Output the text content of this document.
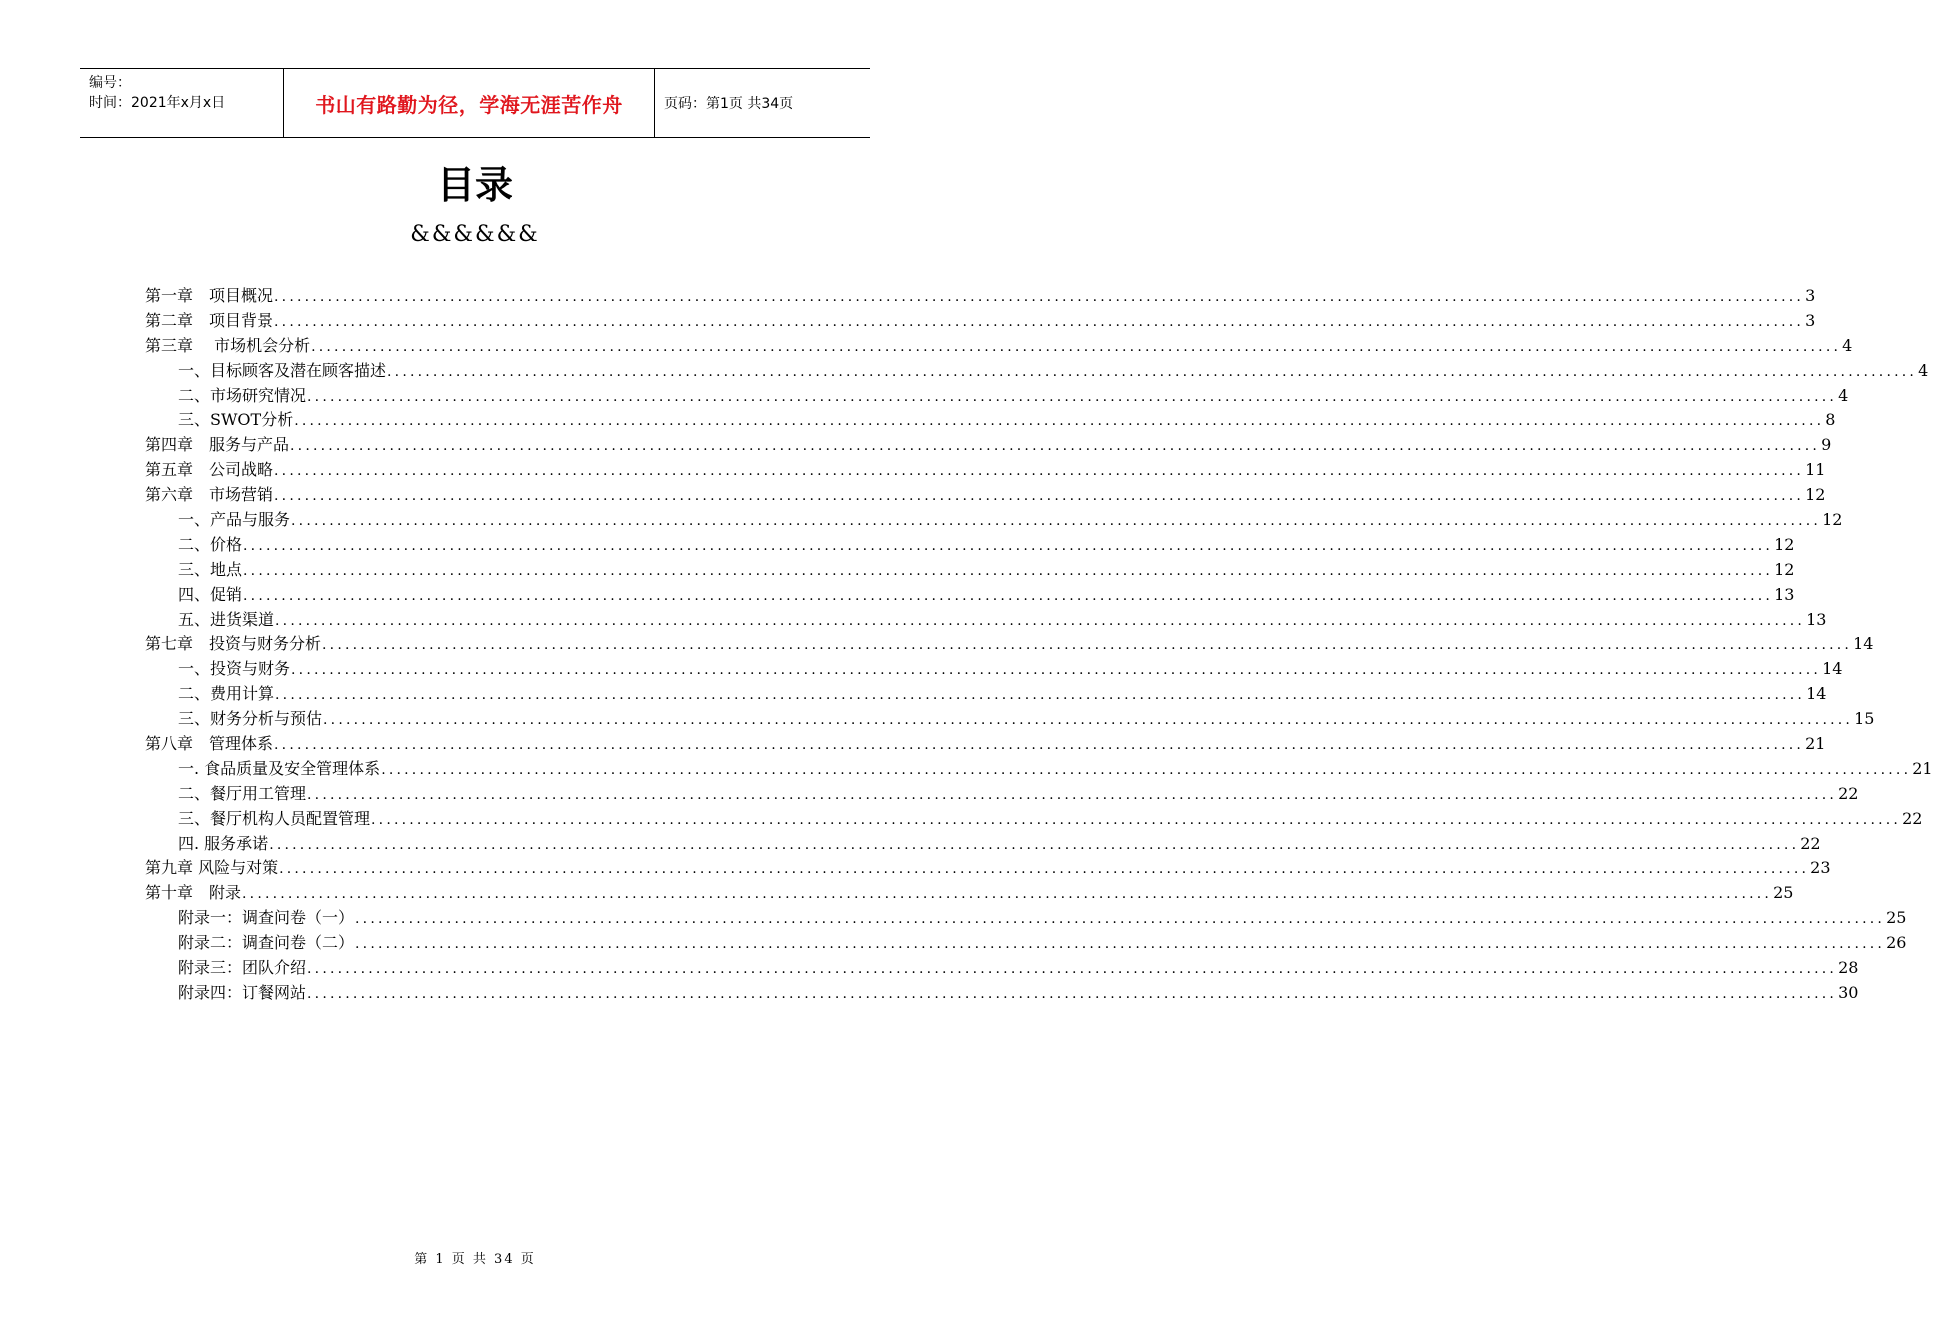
编号：
时间：2021年x月x日	书山有路勤为径，学海无涯苦作舟	页码：第1页 共34页
目录
&&&&&&
第一章　项目概况 ........................................................................................................................................................................................................ 3
第二章　项目背景 ........................................................................................................................................................................................................ 3
第三章　 市场机会分析 ........................................................................................................................................................................................................ 4
一、目标顾客及潜在顾客描述 ........................................................................................................................................................................................................ 4
二、市场研究情况 ........................................................................................................................................................................................................ 4
三、SWOT分析 ........................................................................................................................................................................................................ 8
第四章　服务与产品 ........................................................................................................................................................................................................ 9
第五章　公司战略 ........................................................................................................................................................................................................ 11
第六章　市场营销 ........................................................................................................................................................................................................ 12
一、产品与服务 ........................................................................................................................................................................................................ 12
二、价格 ........................................................................................................................................................................................................ 12
三、地点 ........................................................................................................................................................................................................ 12
四、促销 ........................................................................................................................................................................................................ 13
五、进货渠道 ........................................................................................................................................................................................................ 13
第七章　投资与财务分析 ........................................................................................................................................................................................................ 14
一、投资与财务 ........................................................................................................................................................................................................ 14
二、费用计算 ........................................................................................................................................................................................................ 14
三、财务分析与预估 ........................................................................................................................................................................................................ 15
第八章　管理体系 ........................................................................................................................................................................................................ 21
一. 食品质量及安全管理体系 ........................................................................................................................................................................................................ 21
二、餐厅用工管理 ........................................................................................................................................................................................................ 22
三、餐厅机构人员配置管理 ........................................................................................................................................................................................................ 22
四. 服务承诺 ........................................................................................................................................................................................................ 22
第九章 风险与对策 ........................................................................................................................................................................................................ 23
第十章　附录 ........................................................................................................................................................................................................ 25
附录一：调查问卷（一） ........................................................................................................................................................................................................ 25
附录二：调查问卷（二） ........................................................................................................................................................................................................ 26
附录三：团队介绍 ........................................................................................................................................................................................................ 28
附录四：订餐网站 ........................................................................................................................................................................................................ 30
第 1 页 共 34 页
